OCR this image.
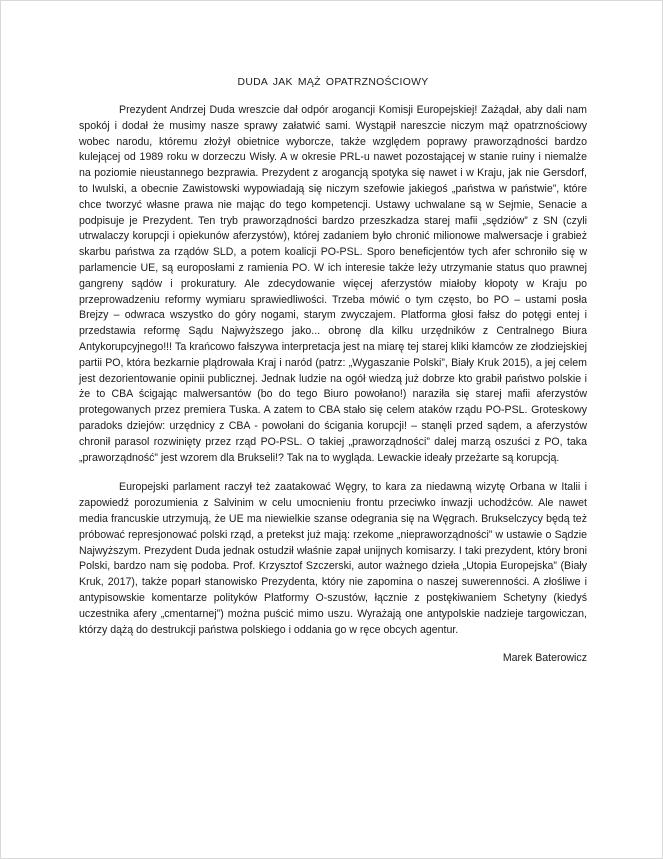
DUDA JAK MĄŻ OPATRZNOŚCIOWY

Prezydent Andrzej Duda wreszcie dał odpór arogancji Komisji Europejskiej! Zażądał, aby dali nam spokój i dodał że musimy nasze sprawy załatwić sami. Wystąpił nareszcie niczym mąż opatrznościowy wobec narodu, któremu złożył obietnice wyborcze, także względem poprawy praworządności bardzo kulejącej od 1989 roku w dorzeczu Wisły. A w okresie PRL-u nawet pozostającej w stanie ruiny i niemalże na poziomie nieustannego bezprawia. Prezydent z arogancją spotyka się nawet i w Kraju, jak nie Gersdorf, to Iwulski, a obecnie Zawistowski wypowiadają się niczym szefowie jakiegoś „państwa w państwie”, które chce tworzyć własne prawa nie mając do tego kompetencji. Ustawy uchwalane są w Sejmie, Senacie a podpisuje je Prezydent. Ten tryb praworządności bardzo przeszkadza starej mafii „sędziów” z SN (czyli utrwalaczy korupcji i opiekunów aferzystów), której zadaniem było chronić milionowe malwersacje i grabież skarbu państwa za rządów SLD, a potem koalicji PO-PSL. Sporo beneficjentów tych afer schroniło się w parlamencie UE, są europosłami z ramienia PO. W ich interesie także leży utrzymanie status quo prawnej gangreny sądów i prokuratury. Ale zdecydowanie więcej aferzystów miałoby kłopoty w Kraju po przeprowadzeniu reformy wymiaru sprawiedliwości. Trzeba mówić o tym często, bo PO – ustami posła Brejzy – odwraca wszystko do góry nogami, starym zwyczajem. Platforma głosi fałsz do potęgi entej i przedstawia reformę Sądu Najwyższego jako... obronę dla kilku urzędników z Centralnego Biura Antykorupcyjnego!!! Ta krańcowo fałszywa interpretacja jest na miarę tej starej kliki kłamców ze złodziejskiej partii PO, która bezkarnie plądrowała Kraj i naród (patrz: „Wygaszanie Polski”, Biały Kruk 2015), a jej celem jest dezorientowanie opinii publicznej. Jednak ludzie na ogół wiedzą już dobrze kto grabił państwo polskie i że to CBA ścigając malwersantów (bo do tego Biuro powołano!) naraziła się starej mafii aferzystów protegowanych przez premiera Tuska. A zatem to CBA stało się celem ataków rządu PO-PSL. Groteskowy paradoks dziejów: urzędnicy z CBA - powołani do ścigania korupcji! – stanęli przed sądem, a aferzystów chronił parasol rozwinięty przez rząd PO-PSL. O takiej „praworządności” dalej marzą oszuści z PO, taka „praworządność” jest wzorem dla Brukseli!? Tak na to wygląda. Lewackie ideały przeżarte są korupcją.

Europejski parlament raczył też zaatakować Węgry, to kara za niedawną wizytę Orbana w Italii i zapowiedź porozumienia z Salvinim w celu umocnieniu frontu przeciwko inwazji uchodźców. Ale nawet media francuskie utrzymują, że UE ma niewielkie szanse odegrania się na Węgrach. Brukselczycy będą też próbować represjonować polski rząd, a pretekst już mają: rzekome „niepraworządności” w ustawie o Sądzie Najwyższym. Prezydent Duda jednak ostudził właśnie zapał unijnych komisarzy. I taki prezydent, który broni Polski, bardzo nam się podoba. Prof. Krzysztof Szczerski, autor ważnego dzieła „Utopia Europejska” (Biały Kruk, 2017), także poparł stanowisko Prezydenta, który nie zapomina o naszej suwerenności. A złośliwe i antypisowskie komentarze polityków Platformy O-szustów, łącznie z postękiwaniem Schetyny (kiedyś uczestnika afery „cmentarnej”) można puścić mimo uszu. Wyrażają one antypolskie nadzieje targowiczan, którzy dążą do destrukcji państwa polskiego i oddania go w ręce obcych agentur.

Marek Baterowicz
